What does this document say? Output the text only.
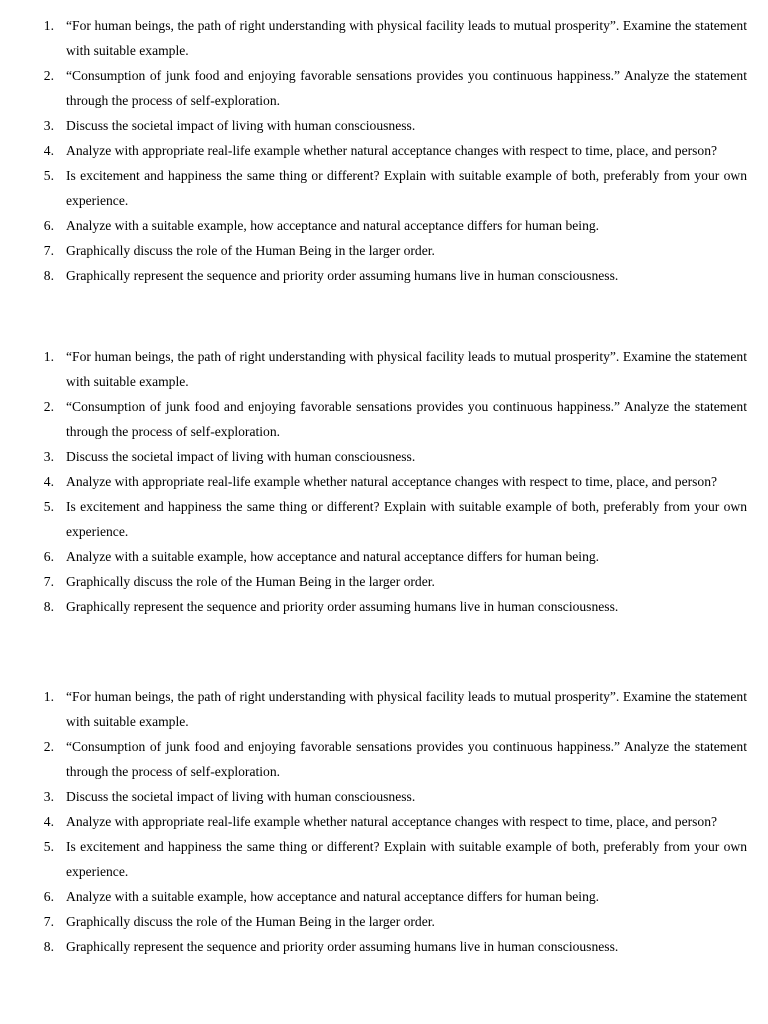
1. “For human beings, the path of right understanding with physical facility leads to mutual prosperity”. Examine the statement with suitable example.
2. “Consumption of junk food and enjoying favorable sensations provides you continuous happiness.” Analyze the statement through the process of self-exploration.
3. Discuss the societal impact of living with human consciousness.
4. Analyze with appropriate real-life example whether natural acceptance changes with respect to time, place, and person?
5. Is excitement and happiness the same thing or different? Explain with suitable example of both, preferably from your own experience.
6. Analyze with a suitable example, how acceptance and natural acceptance differs for human being.
7. Graphically discuss the role of the Human Being in the larger order.
8. Graphically represent the sequence and priority order assuming humans live in human consciousness.
1. “For human beings, the path of right understanding with physical facility leads to mutual prosperity”. Examine the statement with suitable example.
2. “Consumption of junk food and enjoying favorable sensations provides you continuous happiness.” Analyze the statement through the process of self-exploration.
3. Discuss the societal impact of living with human consciousness.
4. Analyze with appropriate real-life example whether natural acceptance changes with respect to time, place, and person?
5. Is excitement and happiness the same thing or different? Explain with suitable example of both, preferably from your own experience.
6. Analyze with a suitable example, how acceptance and natural acceptance differs for human being.
7. Graphically discuss the role of the Human Being in the larger order.
8. Graphically represent the sequence and priority order assuming humans live in human consciousness.
1. “For human beings, the path of right understanding with physical facility leads to mutual prosperity”. Examine the statement with suitable example.
2. “Consumption of junk food and enjoying favorable sensations provides you continuous happiness.” Analyze the statement through the process of self-exploration.
3. Discuss the societal impact of living with human consciousness.
4. Analyze with appropriate real-life example whether natural acceptance changes with respect to time, place, and person?
5. Is excitement and happiness the same thing or different? Explain with suitable example of both, preferably from your own experience.
6. Analyze with a suitable example, how acceptance and natural acceptance differs for human being.
7. Graphically discuss the role of the Human Being in the larger order.
8. Graphically represent the sequence and priority order assuming humans live in human consciousness.
